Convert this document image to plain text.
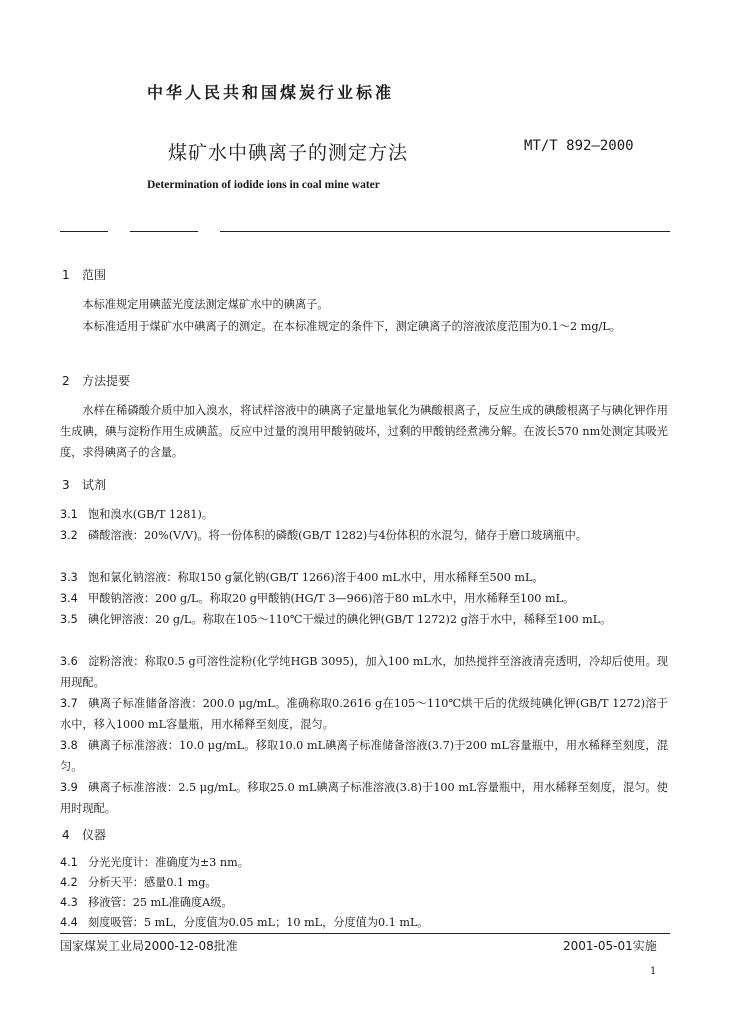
中华人民共和国煤炭行业标准
煤矿水中碘离子的测定方法	MT/T 892—2000
Determination of iodide ions in coal mine water
1 范围
本标准规定用碘蓝光度法测定煤矿水中的碘离子。
本标准适用于煤矿水中碘离子的测定。在本标准规定的条件下，测定碘离子的溶液浓度范围为0.1～2 mg/L。
2 方法提要
水样在稀磷酸介质中加入溴水，将试样溶液中的碘离子定量地氧化为碘酸根离子，反应生成的碘酸根离子与碘化钾作用生成碘，碘与淀粉作用生成碘蓝。反应中过量的溴用甲酸钠破坏，过剩的甲酸钠经煮沸分解。在波长570 nm处测定其吸光度，求得碘离子的含量。
3 试剂
3.1 饱和溴水(GB/T 1281)。
3.2 磷酸溶液：20%(V/V)。将一份体积的磷酸(GB/T 1282)与4份体积的水混匀，储存于磨口玻璃瓶中。
3.3 饱和氯化钠溶液：称取150 g氯化钠(GB/T 1266)溶于400 mL水中，用水稀释至500 mL。
3.4 甲酸钠溶液：200 g/L。称取20 g甲酸钠(HG/T 3—966)溶于80 mL水中，用水稀释至100 mL。
3.5 碘化钾溶液：20 g/L。称取在105～110℃干燥过的碘化钾(GB/T 1272)2 g溶于水中，稀释至100 mL。
3.6 淀粉溶液：称取0.5 g可溶性淀粉(化学纯HGB 3095)，加入100 mL水，加热搅拌至溶液清亮透明，冷却后使用。现用现配。
3.7 碘离子标准储备溶液：200.0 μg/mL。准确称取0.2616 g在105～110℃烘干后的优级纯碘化钾(GB/T 1272)溶于水中，移入1000 mL容量瓶，用水稀释至刻度，混匀。
3.8 碘离子标准溶液：10.0 μg/mL。移取10.0 mL碘离子标准储备溶液(3.7)于200 mL容量瓶中，用水稀释至刻度，混匀。
3.9 碘离子标准溶液：2.5 μg/mL。移取25.0 mL碘离子标准溶液(3.8)于100 mL容量瓶中，用水稀释至刻度，混匀。使用时现配。
4 仪器
4.1 分光光度计：准确度为±3 nm。
4.2 分析天平：感量0.1 mg。
4.3 移液管：25 mL准确度A级。
4.4 刻度吸管：5 mL，分度值为0.05 mL；10 mL，分度值为0.1 mL。
国家煤炭工业局2000-12-08批准	2001-05-01实施
1
